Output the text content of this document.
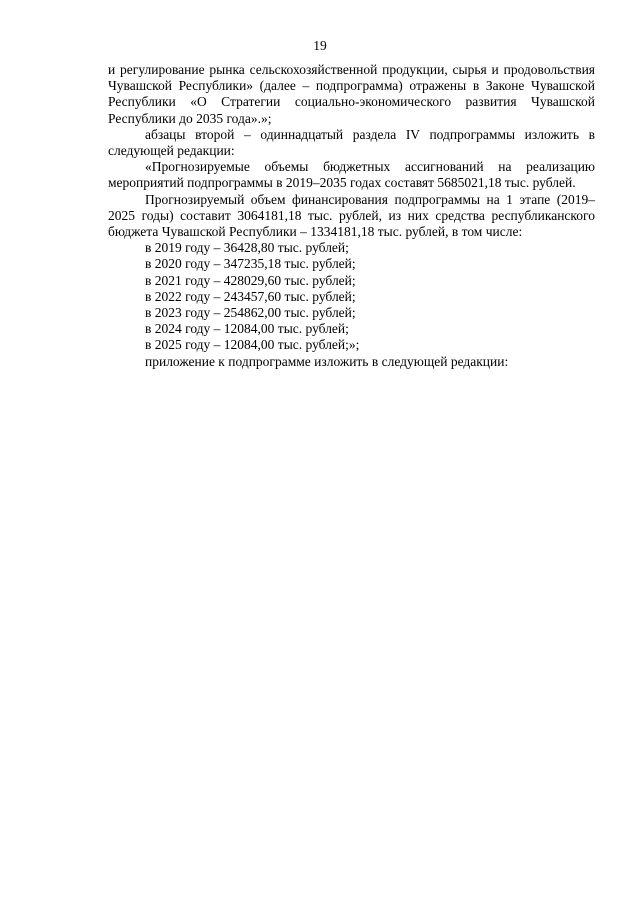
19

и регулирование рынка сельскохозяйственной продукции, сырья и продовольствия Чувашской Республики» (далее – подпрограмма) отражены в Законе Чувашской Республики «О Стратегии социально-экономического развития Чувашской Республики до 2035 года».»;

абзацы второй – одиннадцатый раздела IV подпрограммы изложить в следующей редакции:

«Прогнозируемые объемы бюджетных ассигнований на реализацию мероприятий подпрограммы в 2019–2035 годах составят 5685021,18 тыс. рублей.

Прогнозируемый объем финансирования подпрограммы на 1 этапе (2019–2025 годы) составит 3064181,18 тыс. рублей, из них средства республиканского бюджета Чувашской Республики – 1334181,18 тыс. рублей, в том числе:

в 2019 году – 36428,80 тыс. рублей;

в 2020 году – 347235,18 тыс. рублей;

в 2021 году – 428029,60 тыс. рублей;

в 2022 году – 243457,60 тыс. рублей;

в 2023 году – 254862,00 тыс. рублей;

в 2024 году – 12084,00 тыс. рублей;

в 2025 году – 12084,00 тыс. рублей;»;

приложение к подпрограмме изложить в следующей редакции:
